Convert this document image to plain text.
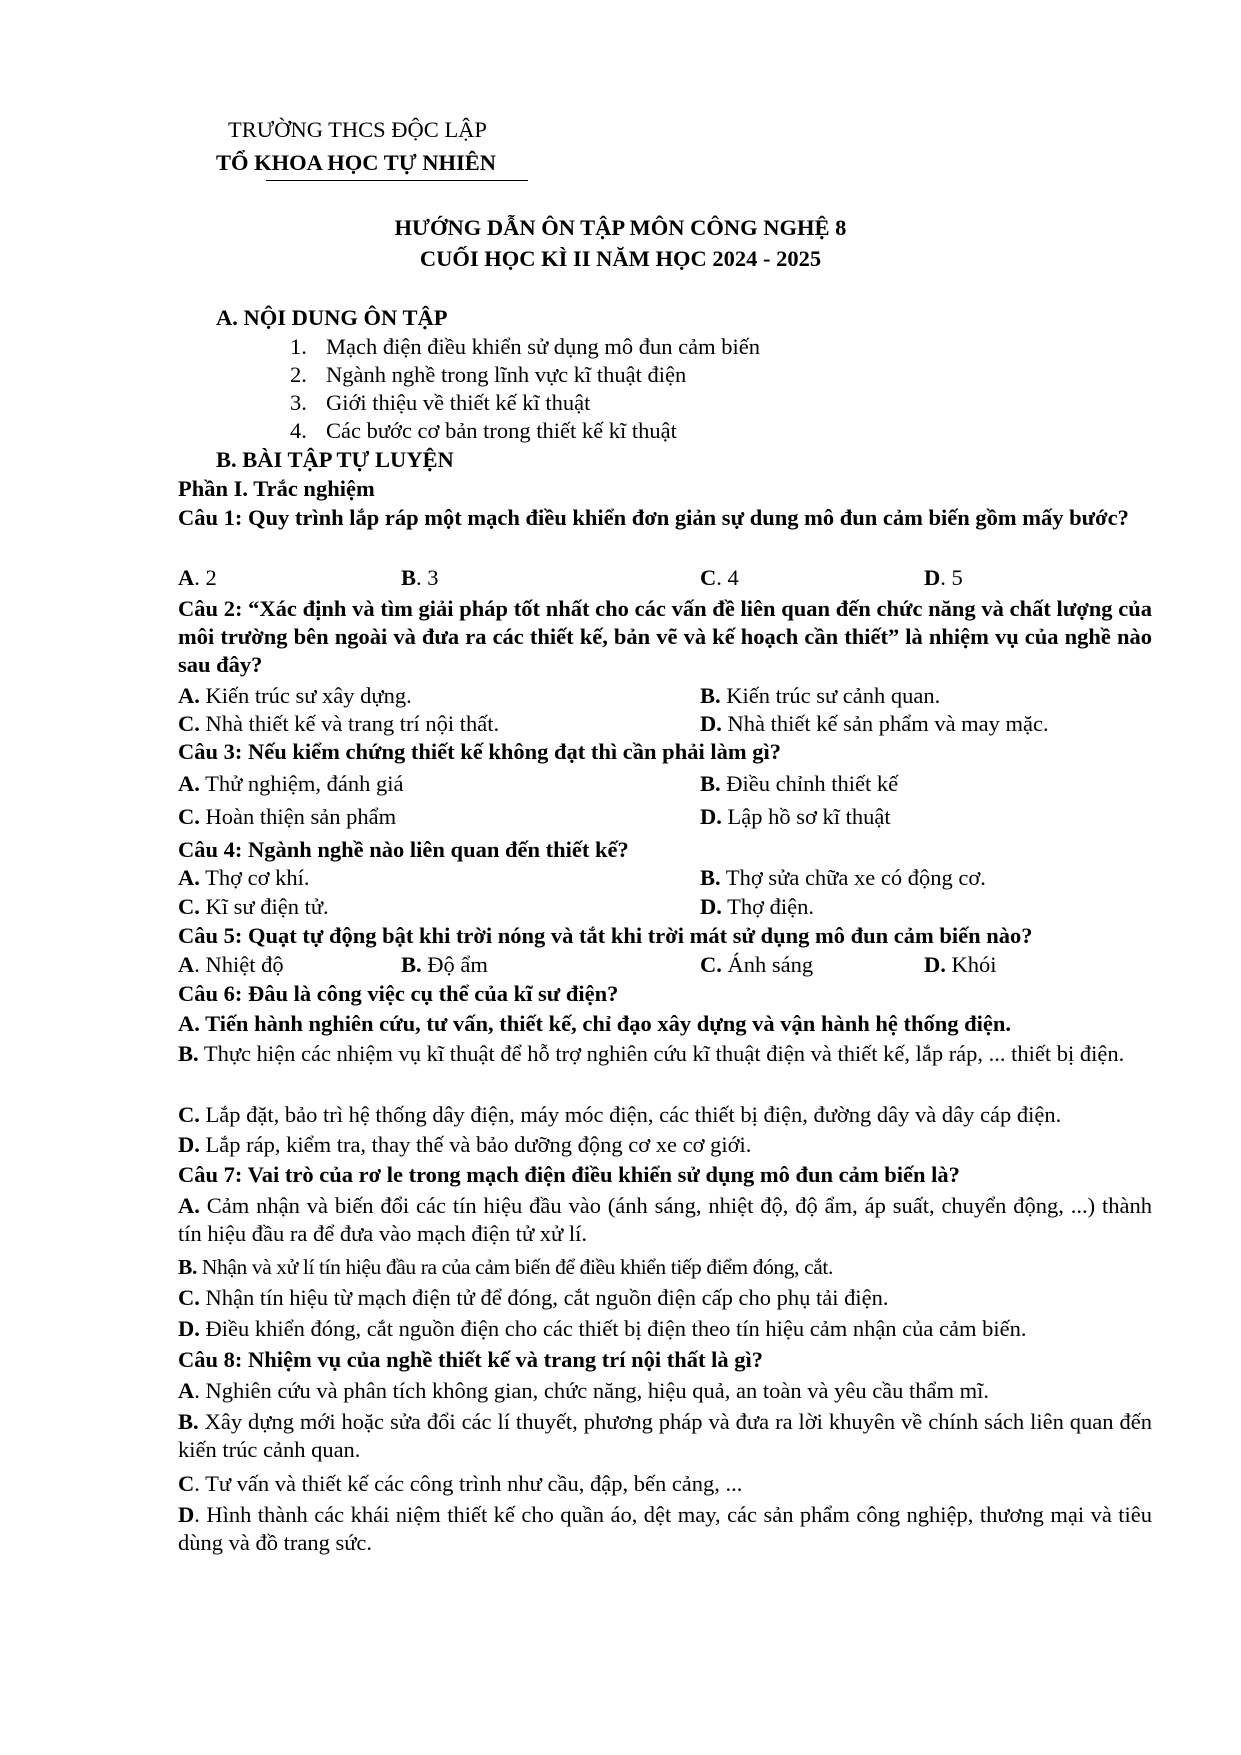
TRƯỜNG THCS ĐỘC LẬP
TỔ KHOA HỌC TỰ NHIÊN
HƯỚNG DẪN ÔN TẬP MÔN CÔNG NGHỆ 8
CUỐI HỌC KÌ II NĂM HỌC 2024 - 2025
A. NỘI DUNG ÔN TẬP
1. Mạch điện điều khiển sử dụng mô đun cảm biến
2. Ngành nghề trong lĩnh vực kĩ thuật điện
3. Giới thiệu về thiết kế kĩ thuật
4. Các bước cơ bản trong thiết kế kĩ thuật
B. BÀI TẬP TỰ LUYỆN
Phần I. Trắc nghiệm
Câu 1: Quy trình lắp ráp một mạch điều khiển đơn giản sự dung mô đun cảm biến gồm mấy bước?
A. 2	B. 3	C. 4	D. 5
Câu 2: “Xác định và tìm giải pháp tốt nhất cho các vấn đề liên quan đến chức năng và chất lượng của môi trường bên ngoài và đưa ra các thiết kế, bản vẽ và kế hoạch cần thiết” là nhiệm vụ của nghề nào sau đây?
A. Kiến trúc sư xây dựng.	B. Kiến trúc sư cảnh quan.
C. Nhà thiết kế và trang trí nội thất.	D. Nhà thiết kế sản phẩm và may mặc.
Câu 3: Nếu kiểm chứng thiết kế không đạt thì cần phải làm gì?
A. Thử nghiệm, đánh giá	B. Điều chỉnh thiết kế
C. Hoàn thiện sản phẩm	D. Lập hồ sơ kĩ thuật
Câu 4: Ngành nghề nào liên quan đến thiết kế?
A. Thợ cơ khí.	B. Thợ sửa chữa xe có động cơ.
C. Kĩ sư điện tử.	D. Thợ điện.
Câu 5: Quạt tự động bật khi trời nóng và tắt khi trời mát sử dụng mô đun cảm biến nào?
A. Nhiệt độ	B. Độ ẩm	C. Ánh sáng	D. Khói
Câu 6: Đâu là công việc cụ thể của kĩ sư điện?
A. Tiến hành nghiên cứu, tư vấn, thiết kế, chỉ đạo xây dựng và vận hành hệ thống điện.
B. Thực hiện các nhiệm vụ kĩ thuật để hỗ trợ nghiên cứu kĩ thuật điện và thiết kế, lắp ráp, ... thiết bị điện.
C. Lắp đặt, bảo trì hệ thống dây điện, máy móc điện, các thiết bị điện, đường dây và dây cáp điện.
D. Lắp ráp, kiểm tra, thay thế và bảo dưỡng động cơ xe cơ giới.
Câu 7: Vai trò của rơ le trong mạch điện điều khiển sử dụng mô đun cảm biến là?
A. Cảm nhận và biến đổi các tín hiệu đầu vào (ánh sáng, nhiệt độ, độ ẩm, áp suất, chuyển động, ...) thành tín hiệu đầu ra để đưa vào mạch điện tử xử lí.
B. Nhận và xử lí tín hiệu đầu ra của cảm biến để điều khiển tiếp điểm đóng, cắt.
C. Nhận tín hiệu từ mạch điện tử để đóng, cắt nguồn điện cấp cho phụ tải điện.
D. Điều khiển đóng, cắt nguồn điện cho các thiết bị điện theo tín hiệu cảm nhận của cảm biến.
Câu 8: Nhiệm vụ của nghề thiết kế và trang trí nội thất là gì?
A. Nghiên cứu và phân tích không gian, chức năng, hiệu quả, an toàn và yêu cầu thẩm mĩ.
B. Xây dựng mới hoặc sửa đổi các lí thuyết, phương pháp và đưa ra lời khuyên về chính sách liên quan đến kiến trúc cảnh quan.
C. Tư vấn và thiết kế các công trình như cầu, đập, bến cảng, ...
D. Hình thành các khái niệm thiết kế cho quần áo, dệt may, các sản phẩm công nghiệp, thương mại và tiêu dùng và đồ trang sức.
